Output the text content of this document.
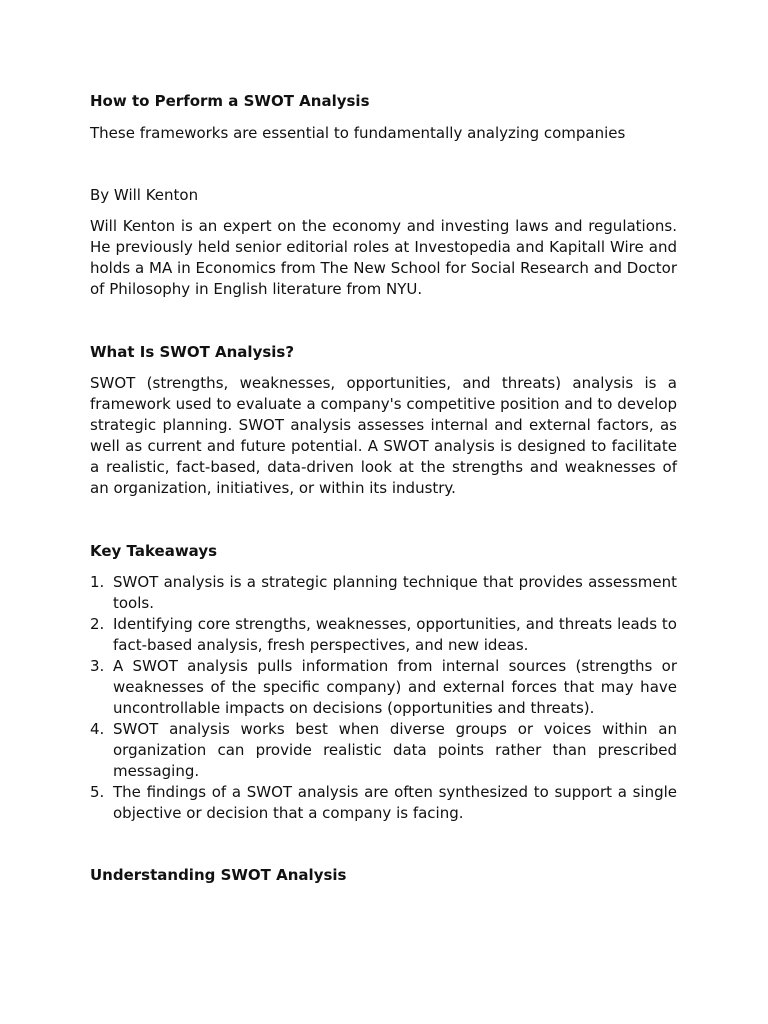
How to Perform a SWOT Analysis

These frameworks are essential to fundamentally analyzing companies

By Will Kenton

Will Kenton is an expert on the economy and investing laws and regulations. He previously held senior editorial roles at Investopedia and Kapitall Wire and holds a MA in Economics from The New School for Social Research and Doctor of Philosophy in English literature from NYU.

What Is SWOT Analysis?

SWOT (strengths, weaknesses, opportunities, and threats) analysis is a framework used to evaluate a company's competitive position and to develop strategic planning. SWOT analysis assesses internal and external factors, as well as current and future potential. A SWOT analysis is designed to facilitate a realistic, fact-based, data-driven look at the strengths and weaknesses of an organization, initiatives, or within its industry.

Key Takeaways
1. SWOT analysis is a strategic planning technique that provides assessment tools.
2. Identifying core strengths, weaknesses, opportunities, and threats leads to fact-based analysis, fresh perspectives, and new ideas.
3. A SWOT analysis pulls information from internal sources (strengths or weaknesses of the specific company) and external forces that may have uncontrollable impacts on decisions (opportunities and threats).
4. SWOT analysis works best when diverse groups or voices within an organization can provide realistic data points rather than prescribed messaging.
5. The findings of a SWOT analysis are often synthesized to support a single objective or decision that a company is facing.
Understanding SWOT Analysis
